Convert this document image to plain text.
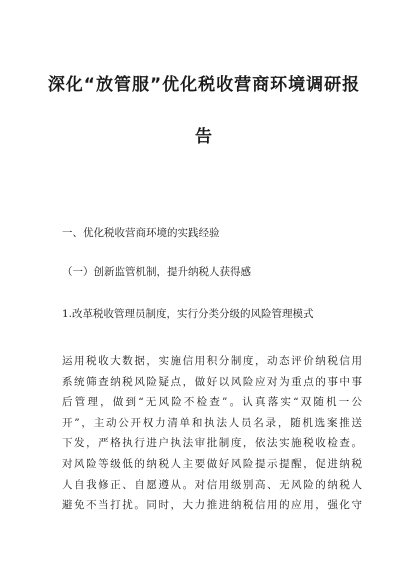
深化“放管服”优化税收营商环境调研报
告
一、优化税收营商环境的实践经验
（一）创新监管机制，提升纳税人获得感
1.改革税收管理员制度，实行分类分级的风险管理模式
运用税收大数据，实施信用积分制度，动态评价纳税信用
系统筛查纳税风险疑点，做好以风险应对为重点的事中事
后管理，做到“无风险不检查”。认真落实“双随机一公
开”，主动公开权力清单和执法人员名录，随机选案推送
下发，严格执行进户执法审批制度，依法实施税收检查。
对风险等级低的纳税人主要做好风险提示提醒，促进纳税
人自我修正、自愿遵从。对信用级别高、无风险的纳税人
避免不当打扰。同时，大力推进纳税信用的应用，强化守
